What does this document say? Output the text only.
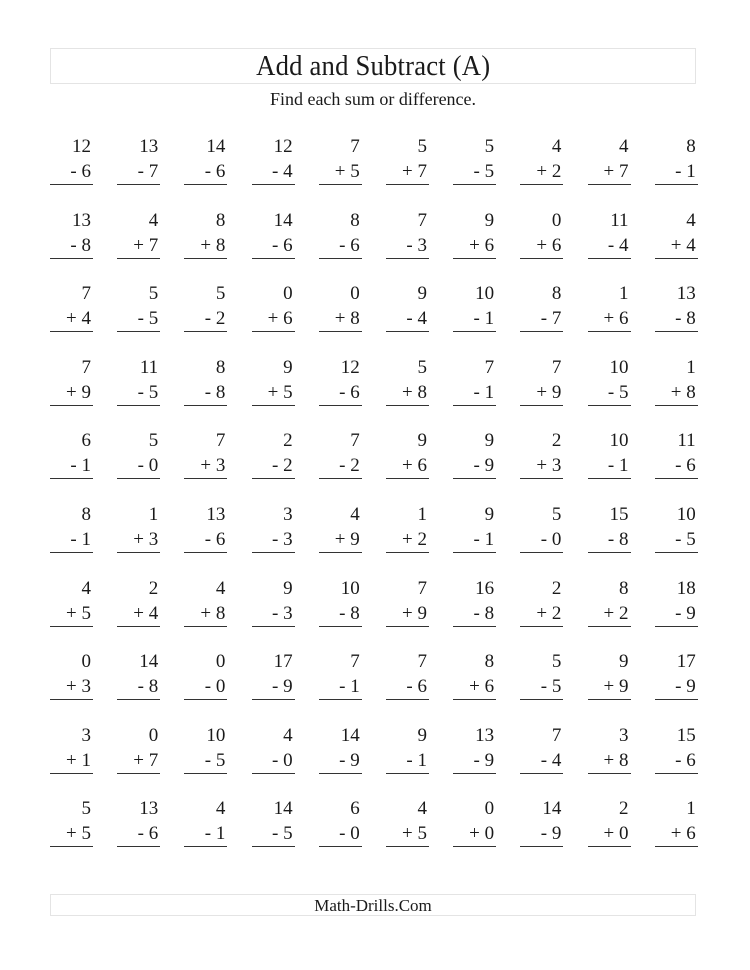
Add and Subtract (A)
Find each sum or difference.
12
- 6
13
- 7
14
- 6
12
- 4
7
+ 5
5
+ 7
5
- 5
4
+ 2
4
+ 7
8
- 1
13
- 8
4
+ 7
8
+ 8
14
- 6
8
- 6
7
- 3
9
+ 6
0
+ 6
11
- 4
4
+ 4
7
+ 4
5
- 5
5
- 2
0
+ 6
0
+ 8
9
- 4
10
- 1
8
- 7
1
+ 6
13
- 8
7
+ 9
11
- 5
8
- 8
9
+ 5
12
- 6
5
+ 8
7
- 1
7
+ 9
10
- 5
1
+ 8
6
- 1
5
- 0
7
+ 3
2
- 2
7
- 2
9
+ 6
9
- 9
2
+ 3
10
- 1
11
- 6
8
- 1
1
+ 3
13
- 6
3
- 3
4
+ 9
1
+ 2
9
- 1
5
- 0
15
- 8
10
- 5
4
+ 5
2
+ 4
4
+ 8
9
- 3
10
- 8
7
+ 9
16
- 8
2
+ 2
8
+ 2
18
- 9
0
+ 3
14
- 8
0
- 0
17
- 9
7
- 1
7
- 6
8
+ 6
5
- 5
9
+ 9
17
- 9
3
+ 1
0
+ 7
10
- 5
4
- 0
14
- 9
9
- 1
13
- 9
7
- 4
3
+ 8
15
- 6
5
+ 5
13
- 6
4
- 1
14
- 5
6
- 0
4
+ 5
0
+ 0
14
- 9
2
+ 0
1
+ 6
Math-Drills.Com
